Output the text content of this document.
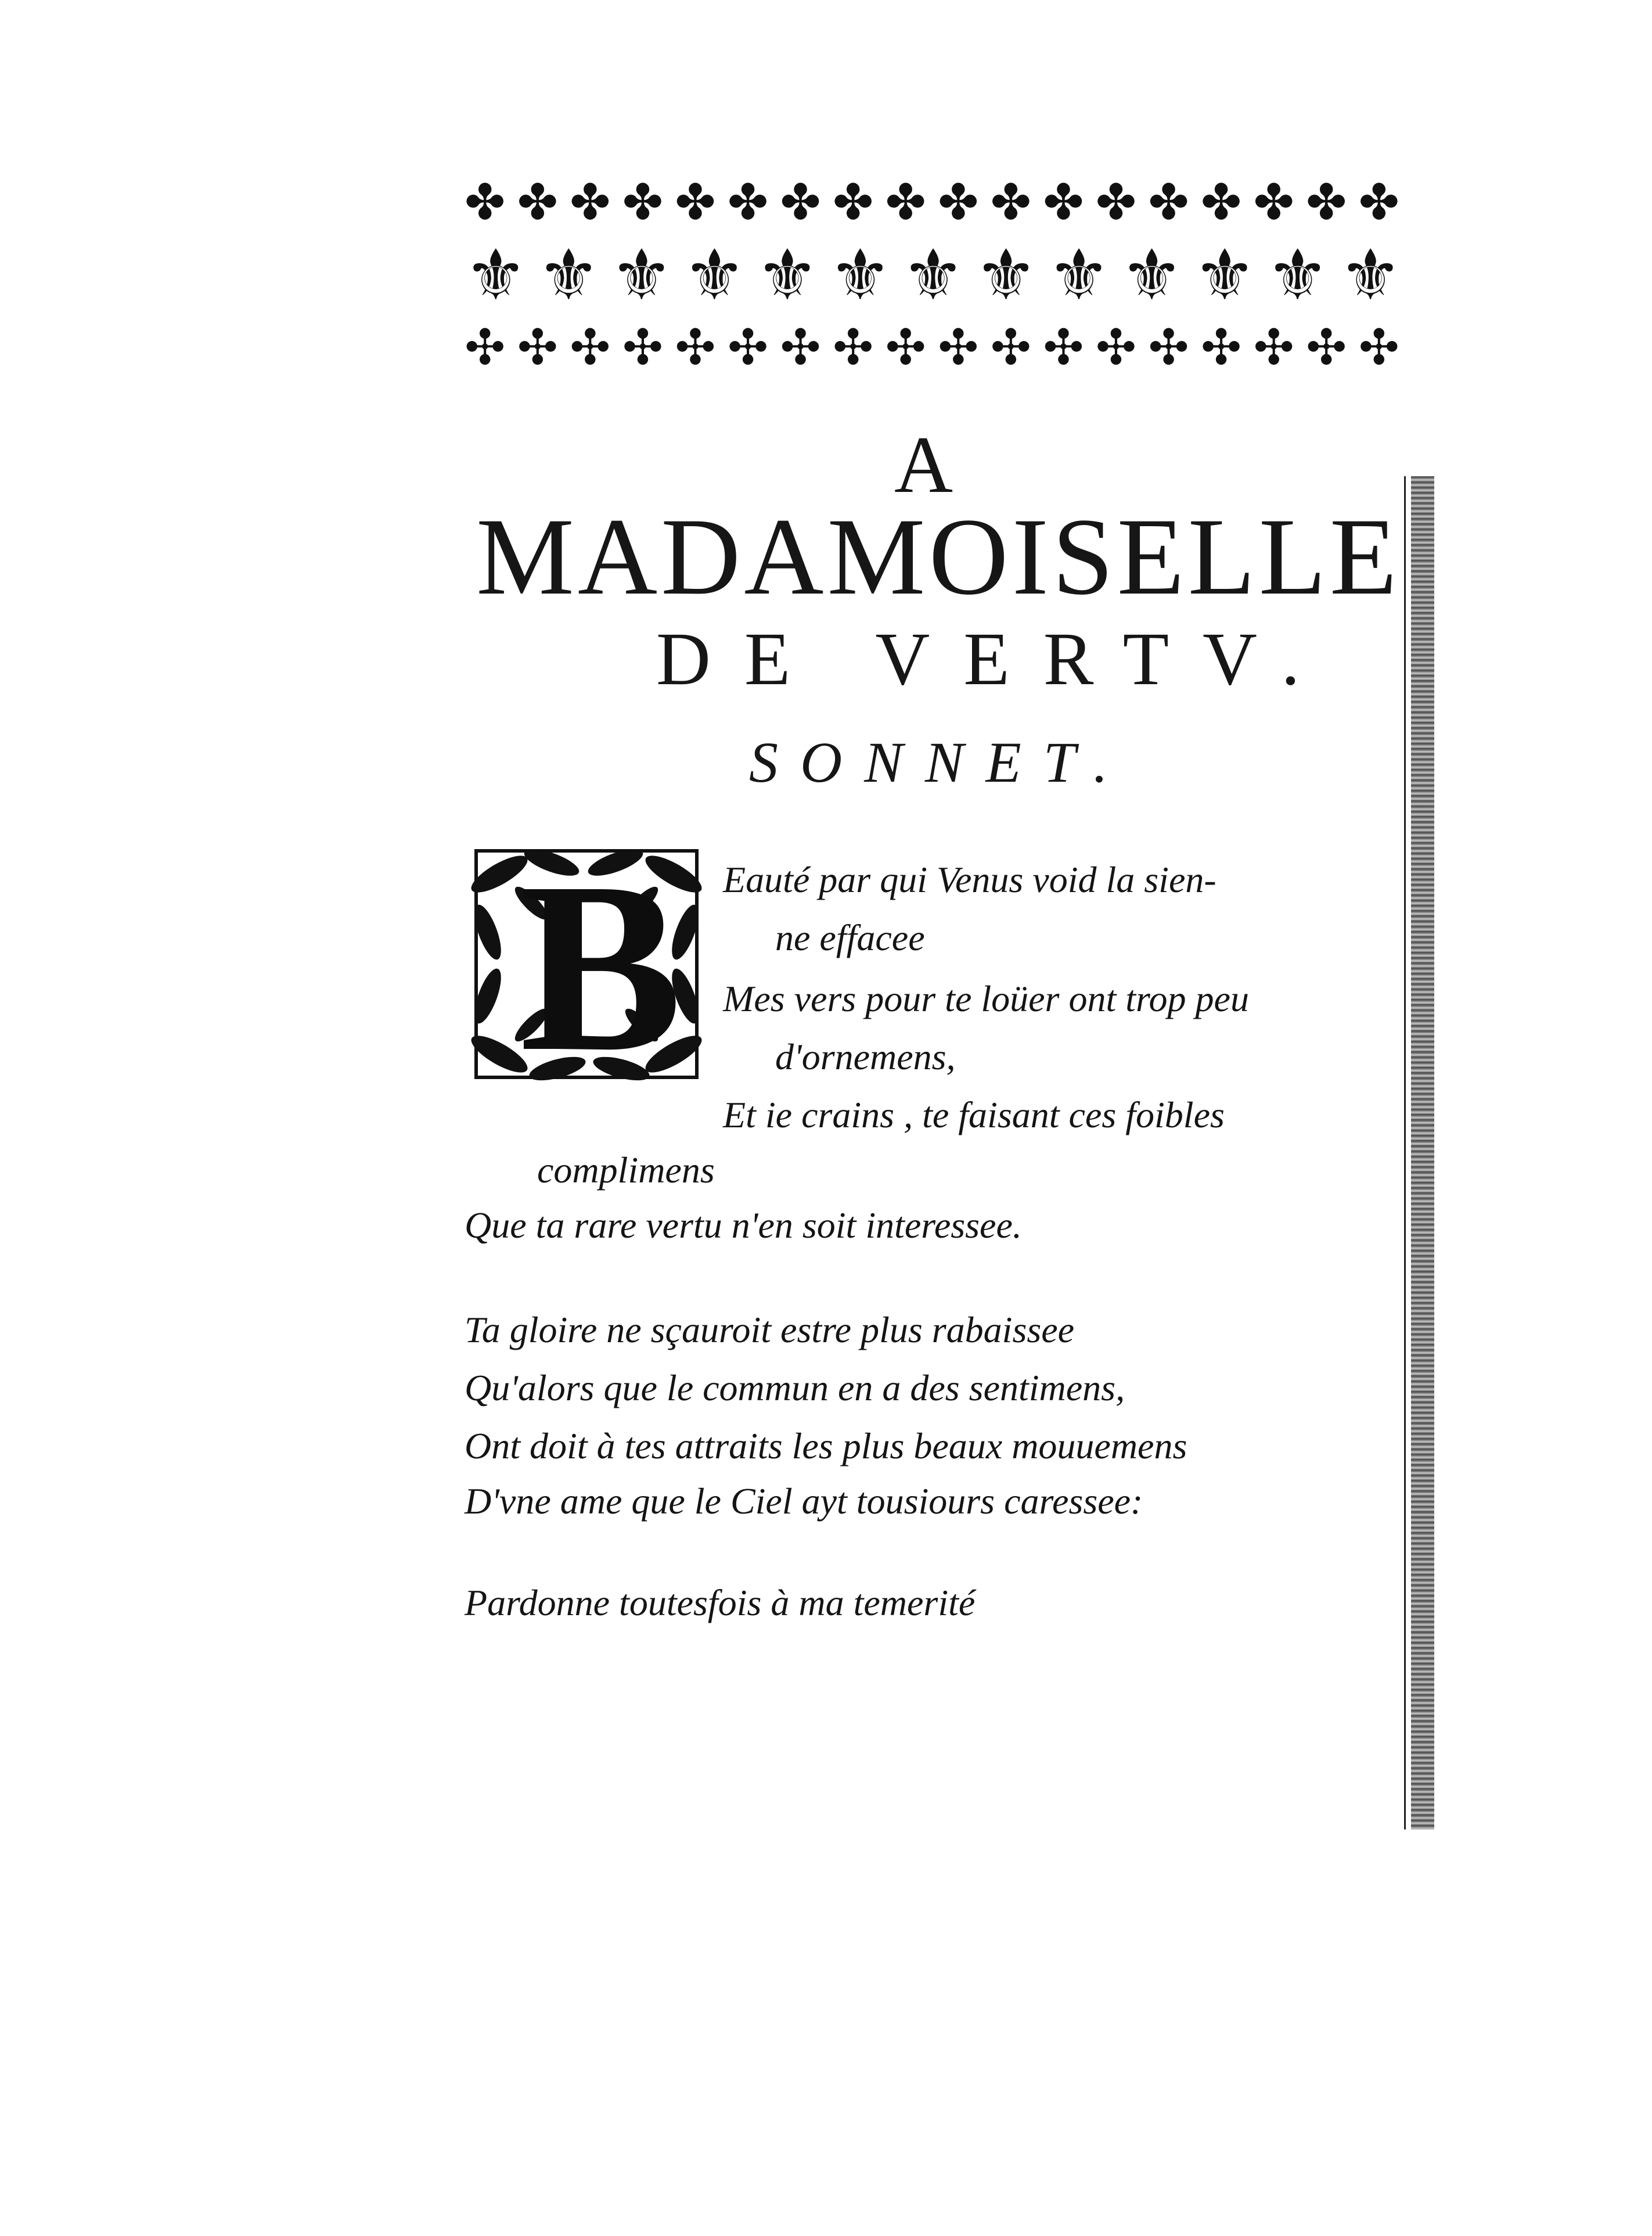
✤ ✤ ✤ ✤ ✤ ✤ ✤ ✤ ✤ ✤ ✤ ✤ ✤ ✤ ✤ ✤ ✤ ✤
⚜ ⚜ ⚜ ⚜ ⚜ ⚜ ⚜ ⚜ ⚜ ⚜ ⚜ ⚜ ⚜
✣ ✣ ✣ ✣ ✣ ✣ ✣ ✣ ✣ ✣ ✣ ✣ ✣ ✣ ✣ ✣ ✣ ✣
A
MADAMOISELLE
DE VERTV.
SONNET.
B Eauté par qui Venus void la sien-
ne effacee
Mes vers pour te loüer ont trop peu
d'ornemens,
Et ie crains , te faisant ces foibles
complimens
Que ta rare vertu n'en soit interessee.
Ta gloire ne sçauroit estre plus rabaissee
Qu'alors que le commun en a des sentimens,
Ont doit à tes attraits les plus beaux mouuemens
D'vne ame que le Ciel ayt tousiours caressee:
Pardonne toutesfois à ma temerité
